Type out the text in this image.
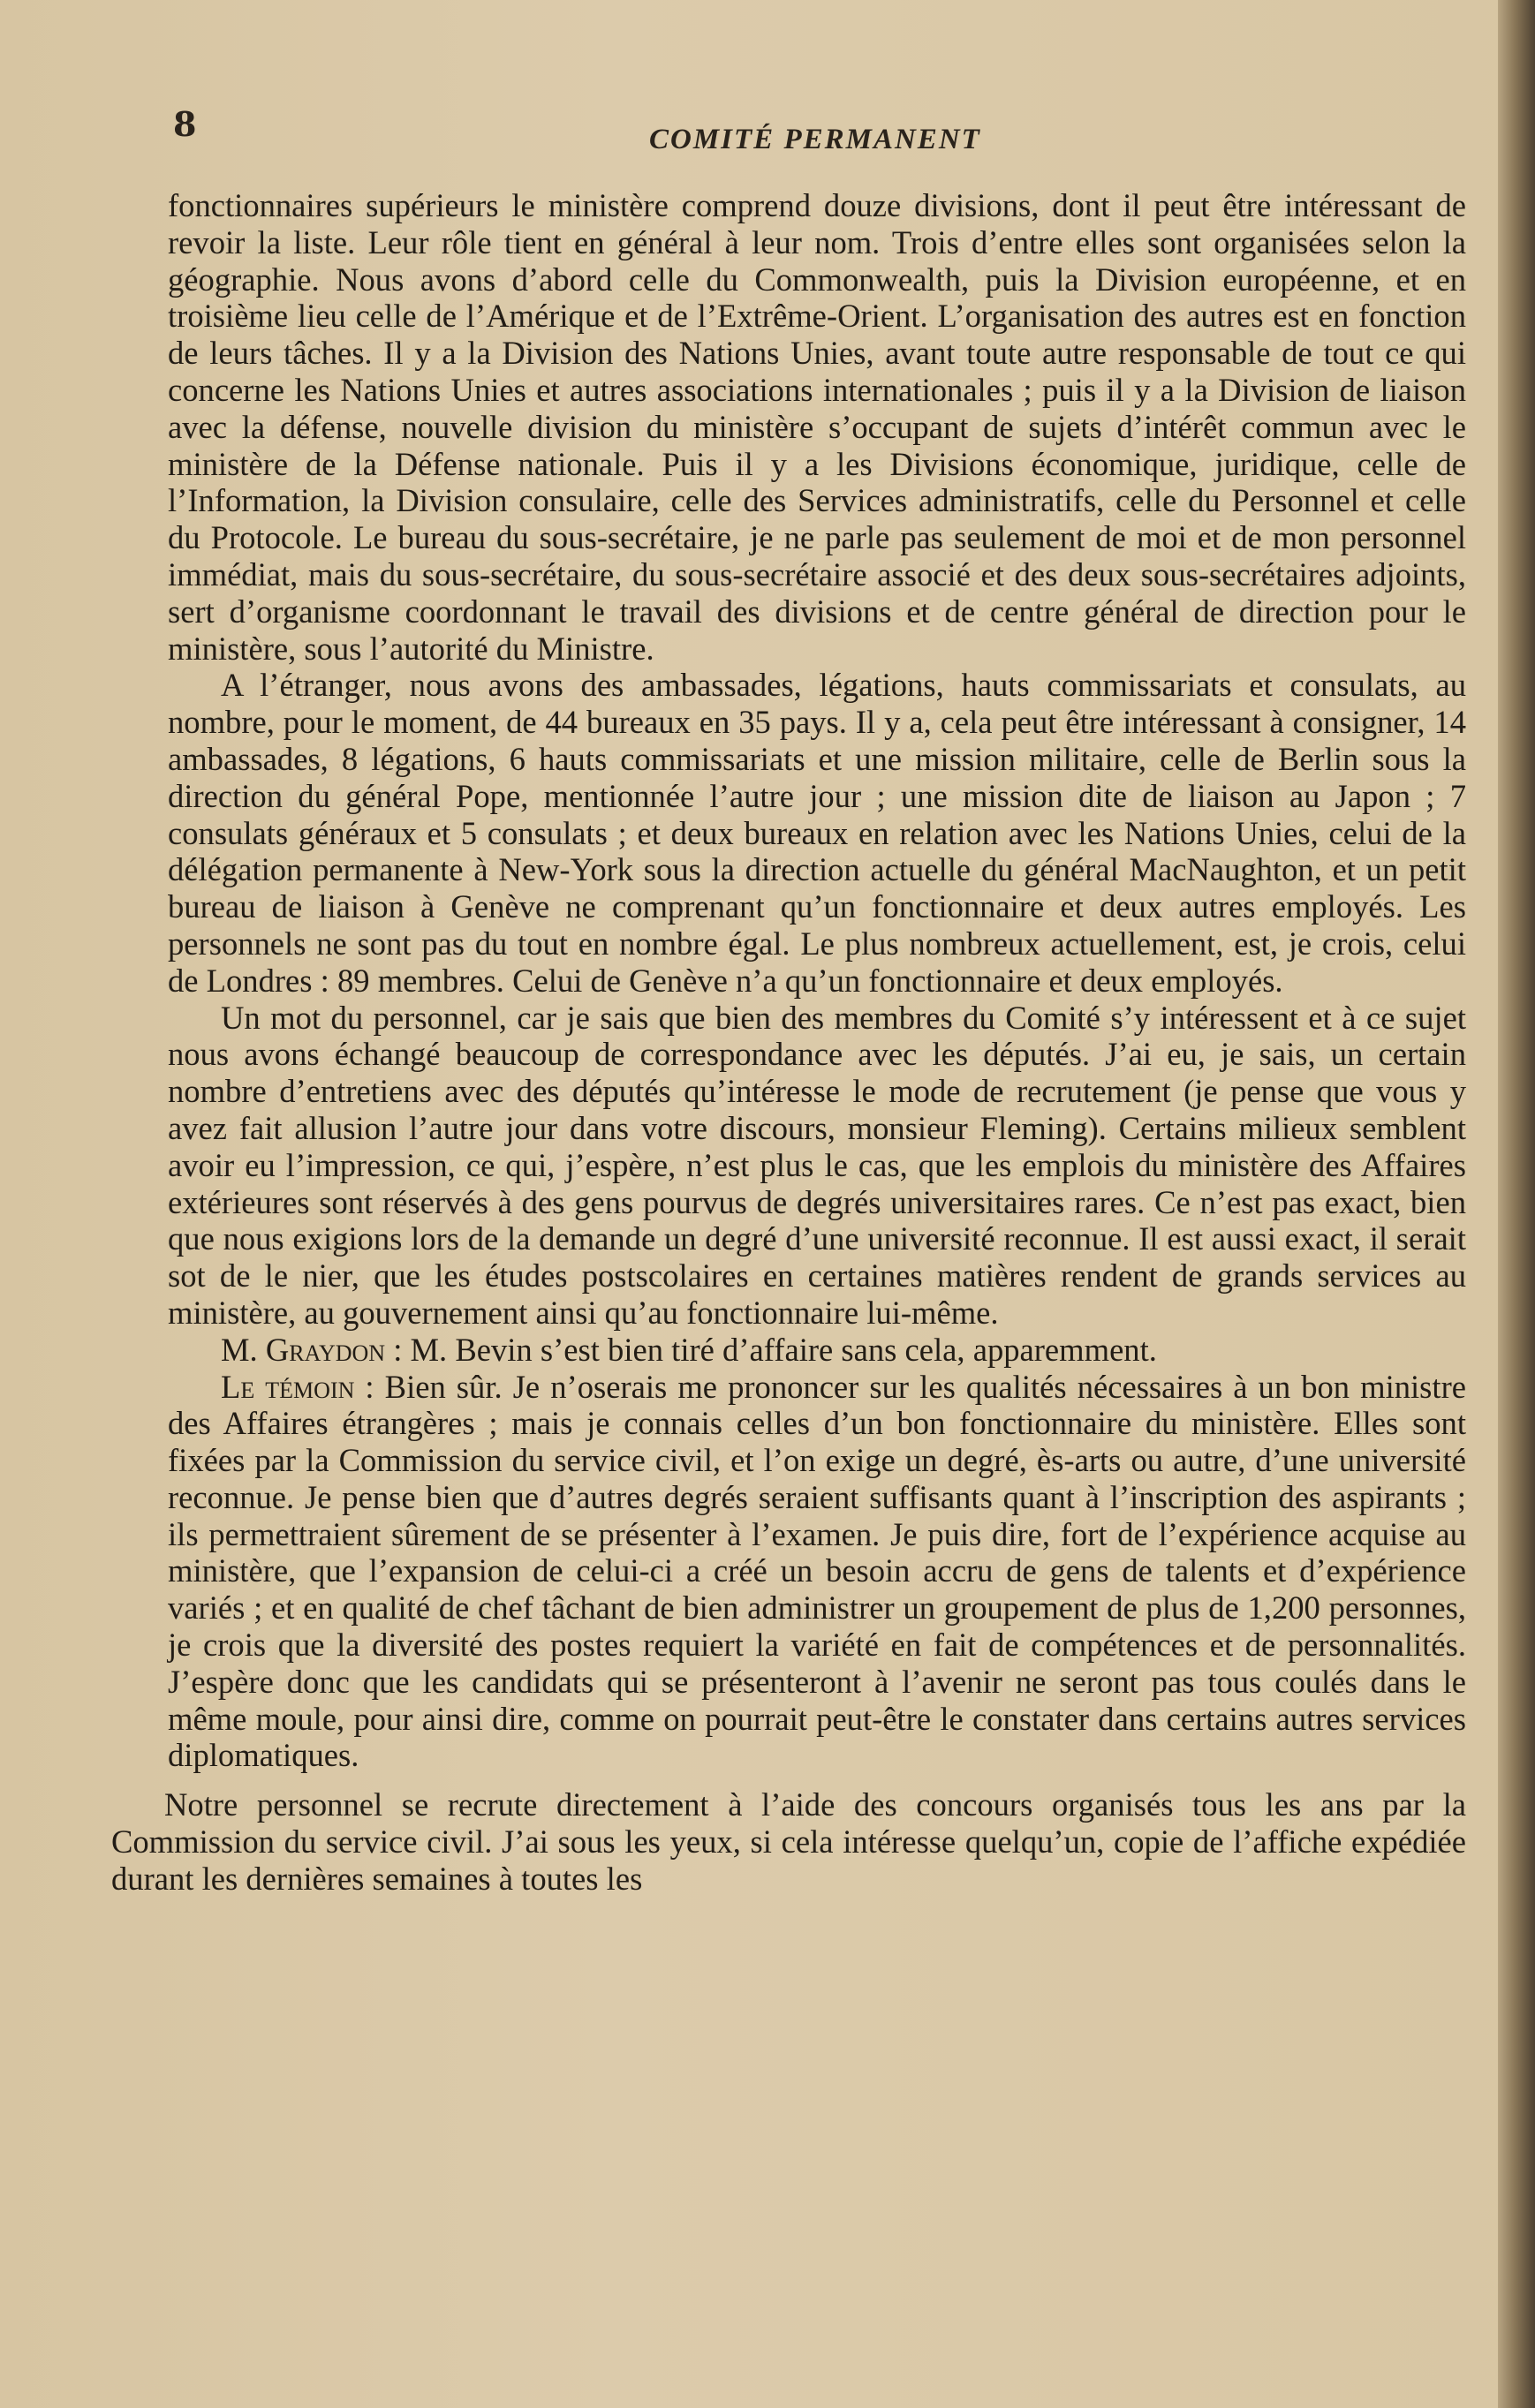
8	COMITÉ PERMANENT

fonctionnaires supérieurs le ministère comprend douze divisions, dont il peut être intéressant de revoir la liste. Leur rôle tient en général à leur nom. Trois d’entre elles sont organisées selon la géographie. Nous avons d’abord celle du Commonwealth, puis la Division européenne, et en troisième lieu celle de l’Amérique et de l’Extrême-Orient. L’organisation des autres est en fonction de leurs tâches. Il y a la Division des Nations Unies, avant toute autre responsable de tout ce qui concerne les Nations Unies et autres associations internationales ; puis il y a la Division de liaison avec la défense, nouvelle division du ministère s’occupant de sujets d’intérêt commun avec le ministère de la Défense nationale. Puis il y a les Divisions économique, juridique, celle de l’Information, la Division consulaire, celle des Services administratifs, celle du Personnel et celle du Protocole. Le bureau du sous-secrétaire, je ne parle pas seulement de moi et de mon personnel immédiat, mais du sous-secrétaire, du sous-secrétaire associé et des deux sous-secrétaires adjoints, sert d’organisme coordonnant le travail des divisions et de centre général de direction pour le ministère, sous l’autorité du Ministre.

A l’étranger, nous avons des ambassades, légations, hauts commissariats et consulats, au nombre, pour le moment, de 44 bureaux en 35 pays. Il y a, cela peut être intéressant à consigner, 14 ambassades, 8 légations, 6 hauts commissariats et une mission militaire, celle de Berlin sous la direction du général Pope, mentionnée l’autre jour ; une mission dite de liaison au Japon ; 7 consulats généraux et 5 consulats ; et deux bureaux en relation avec les Nations Unies, celui de la délégation permanente à New-York sous la direction actuelle du général MacNaughton, et un petit bureau de liaison à Genève ne comprenant qu’un fonctionnaire et deux autres employés. Les personnels ne sont pas du tout en nombre égal. Le plus nombreux actuellement, est, je crois, celui de Londres : 89 membres. Celui de Genève n’a qu’un fonctionnaire et deux employés.

Un mot du personnel, car je sais que bien des membres du Comité s’y intéressent et à ce sujet nous avons échangé beaucoup de correspondance avec les députés. J’ai eu, je sais, un certain nombre d’entretiens avec des députés qu’intéresse le mode de recrutement (je pense que vous y avez fait allusion l’autre jour dans votre discours, monsieur Fleming). Certains milieux semblent avoir eu l’impression, ce qui, j’espère, n’est plus le cas, que les emplois du ministère des Affaires extérieures sont réservés à des gens pourvus de degrés universitaires rares. Ce n’est pas exact, bien que nous exigions lors de la demande un degré d’une université reconnue. Il est aussi exact, il serait sot de le nier, que les études postscolaires en certaines matières rendent de grands services au ministère, au gouvernement ainsi qu’au fonctionnaire lui-même.

M. Graydon : M. Bevin s’est bien tiré d’affaire sans cela, apparemment.

Le témoin : Bien sûr. Je n’oserais me prononcer sur les qualités nécessaires à un bon ministre des Affaires étrangères ; mais je connais celles d’un bon fonctionnaire du ministère. Elles sont fixées par la Commission du service civil, et l’on exige un degré, ès-arts ou autre, d’une université reconnue. Je pense bien que d’autres degrés seraient suffisants quant à l’inscription des aspirants ; ils permettraient sûrement de se présenter à l’examen. Je puis dire, fort de l’expérience acquise au ministère, que l’expansion de celui-ci a créé un besoin accru de gens de talents et d’expérience variés ; et en qualité de chef tâchant de bien administrer un groupement de plus de 1,200 personnes, je crois que la diversité des postes requiert la variété en fait de compétences et de personnalités. J’espère donc que les candidats qui se présenteront à l’avenir ne seront pas tous coulés dans le même moule, pour ainsi dire, comme on pourrait peut-être le constater dans certains autres services diplomatiques.

Notre personnel se recrute directement à l’aide des concours organisés tous les ans par la Commission du service civil. J’ai sous les yeux, si cela intéresse quelqu’un, copie de l’affiche expédiée durant les dernières semaines à toutes les
